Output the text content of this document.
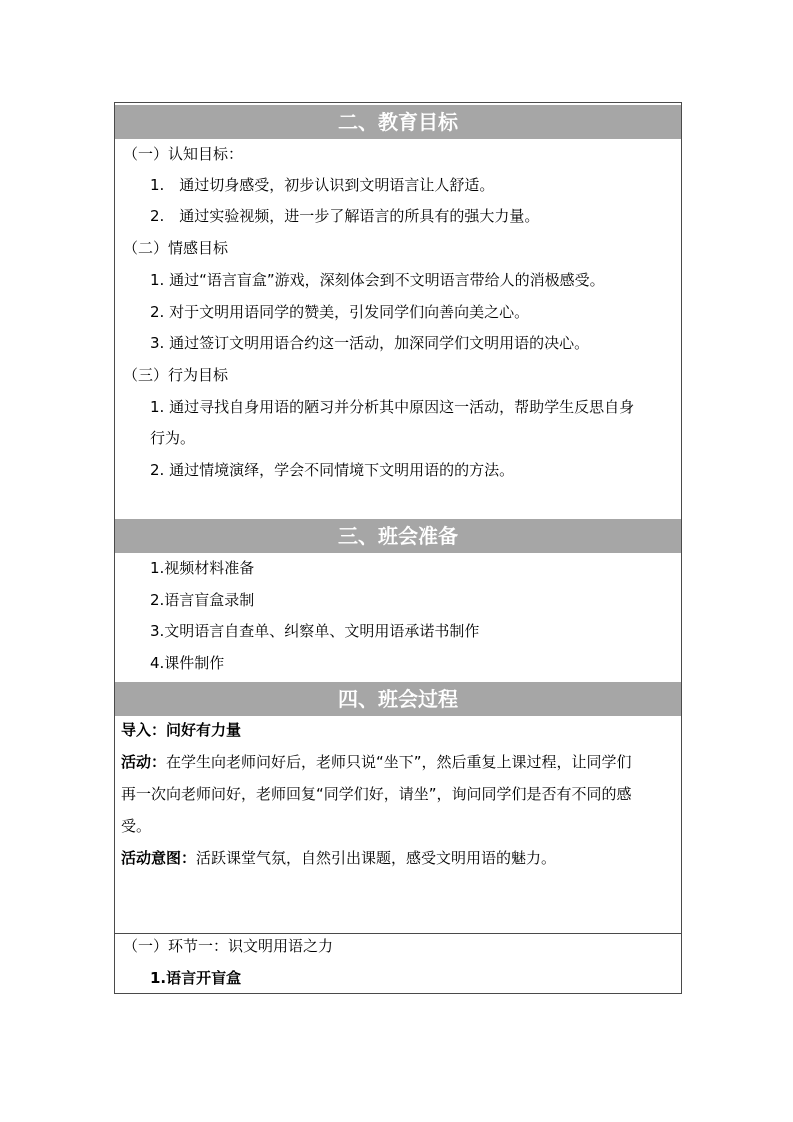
二、教育目标
（一）认知目标：
1.　通过切身感受，初步认识到文明语言让人舒适。
2.　通过实验视频，进一步了解语言的所具有的强大力量。
（二）情感目标
1. 通过“语言盲盒”游戏，深刻体会到不文明语言带给人的消极感受。
2. 对于文明用语同学的赞美，引发同学们向善向美之心。
3. 通过签订文明用语合约这一活动，加深同学们文明用语的决心。
（三）行为目标
1. 通过寻找自身用语的陋习并分析其中原因这一活动，帮助学生反思自身
行为。
2. 通过情境演绎，学会不同情境下文明用语的的方法。
三、班会准备
1.视频材料准备
2.语言盲盒录制
3.文明语言自查单、纠察单、文明用语承诺书制作
4.课件制作
四、班会过程
导入：问好有力量
活动：在学生向老师问好后，老师只说“坐下”，然后重复上课过程，让同学们
再一次向老师问好，老师回复“同学们好，请坐”，询问同学们是否有不同的感
受。
活动意图：活跃课堂气氛，自然引出课题，感受文明用语的魅力。
（一）环节一：识文明用语之力
1.语言开盲盒
